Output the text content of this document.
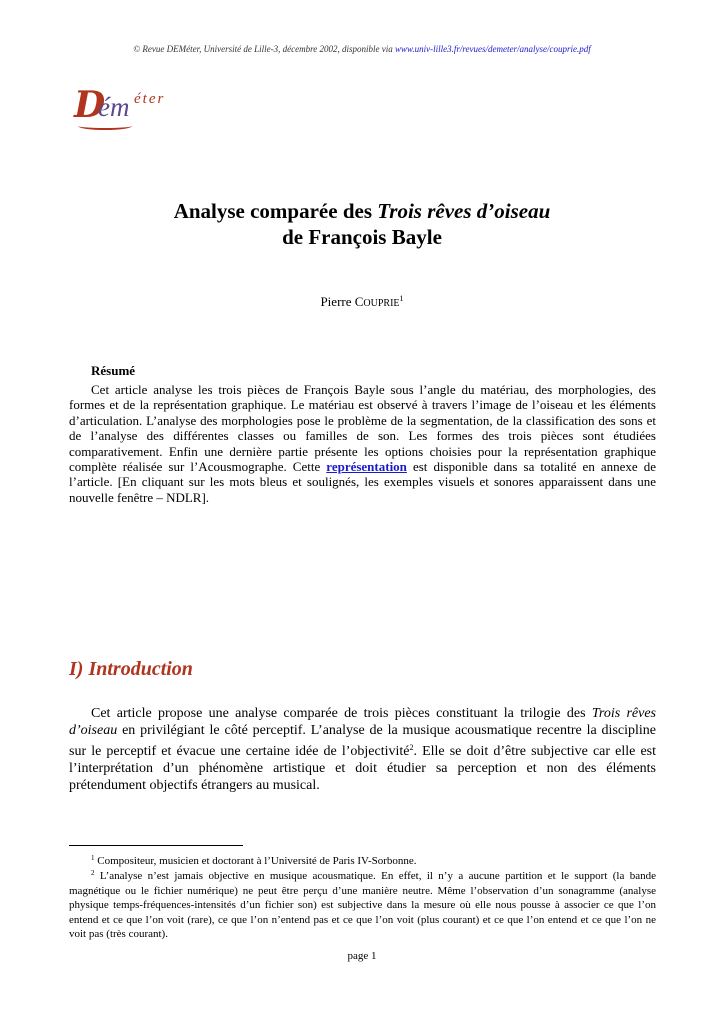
© Revue DEMéter, Université de Lille-3, décembre 2002, disponible via www.univ-lille3.fr/revues/demeter/analyse/couprie.pdf
D
ém éter
Analyse comparée des Trois rêves d’oiseau
de François Bayle
Pierre COUPRIE$^1$
Résumé
Cet article analyse les trois pièces de François Bayle sous l’angle du matériau, des morphologies, des formes et de la représentation graphique. Le matériau est observé à travers l’image de l’oiseau et les éléments d’articulation. L’analyse des morphologies pose le problème de la segmentation, de la classification des sons et de l’analyse des différentes classes ou familles de son. Les formes des trois pièces sont étudiées comparativement. Enfin une dernière partie présente les options choisies pour la représentation graphique complète réalisée sur l’Acousmographe. Cette représentation est disponible dans sa totalité en annexe de l’article. [En cliquant sur les mots bleus et soulignés, les exemples visuels et sonores apparaissent dans une nouvelle fenêtre – NDLR].
I) Introduction
Cet article propose une analyse comparée de trois pièces constituant la trilogie des Trois rêves d’oiseau en privilégiant le côté perceptif. L’analyse de la musique acousmatique recentre la discipline sur le perceptif et évacue une certaine idée de l’objectivité$^2$. Elle se doit d’être subjective car elle est l’interprétation d’un phénomène artistique et doit étudier sa perception et non des éléments prétendument objectifs étrangers au musical.
$^1$ Compositeur, musicien et doctorant à l’Université de Paris IV-Sorbonne.
$^2$ L’analyse n’est jamais objective en musique acousmatique. En effet, il n’y a aucune partition et le support (la bande magnétique ou le fichier numérique) ne peut être perçu d’une manière neutre. Même l’observation d’un sonagramme (analyse physique temps-fréquences-intensités d’un fichier son) est subjective dans la mesure où elle nous pousse à associer ce que l’on entend et ce que l’on voit (rare), ce que l’on n’entend pas et ce que l’on voit (plus courant) et ce que l’on entend et ce que l’on ne voit pas (très courant).
page 1
